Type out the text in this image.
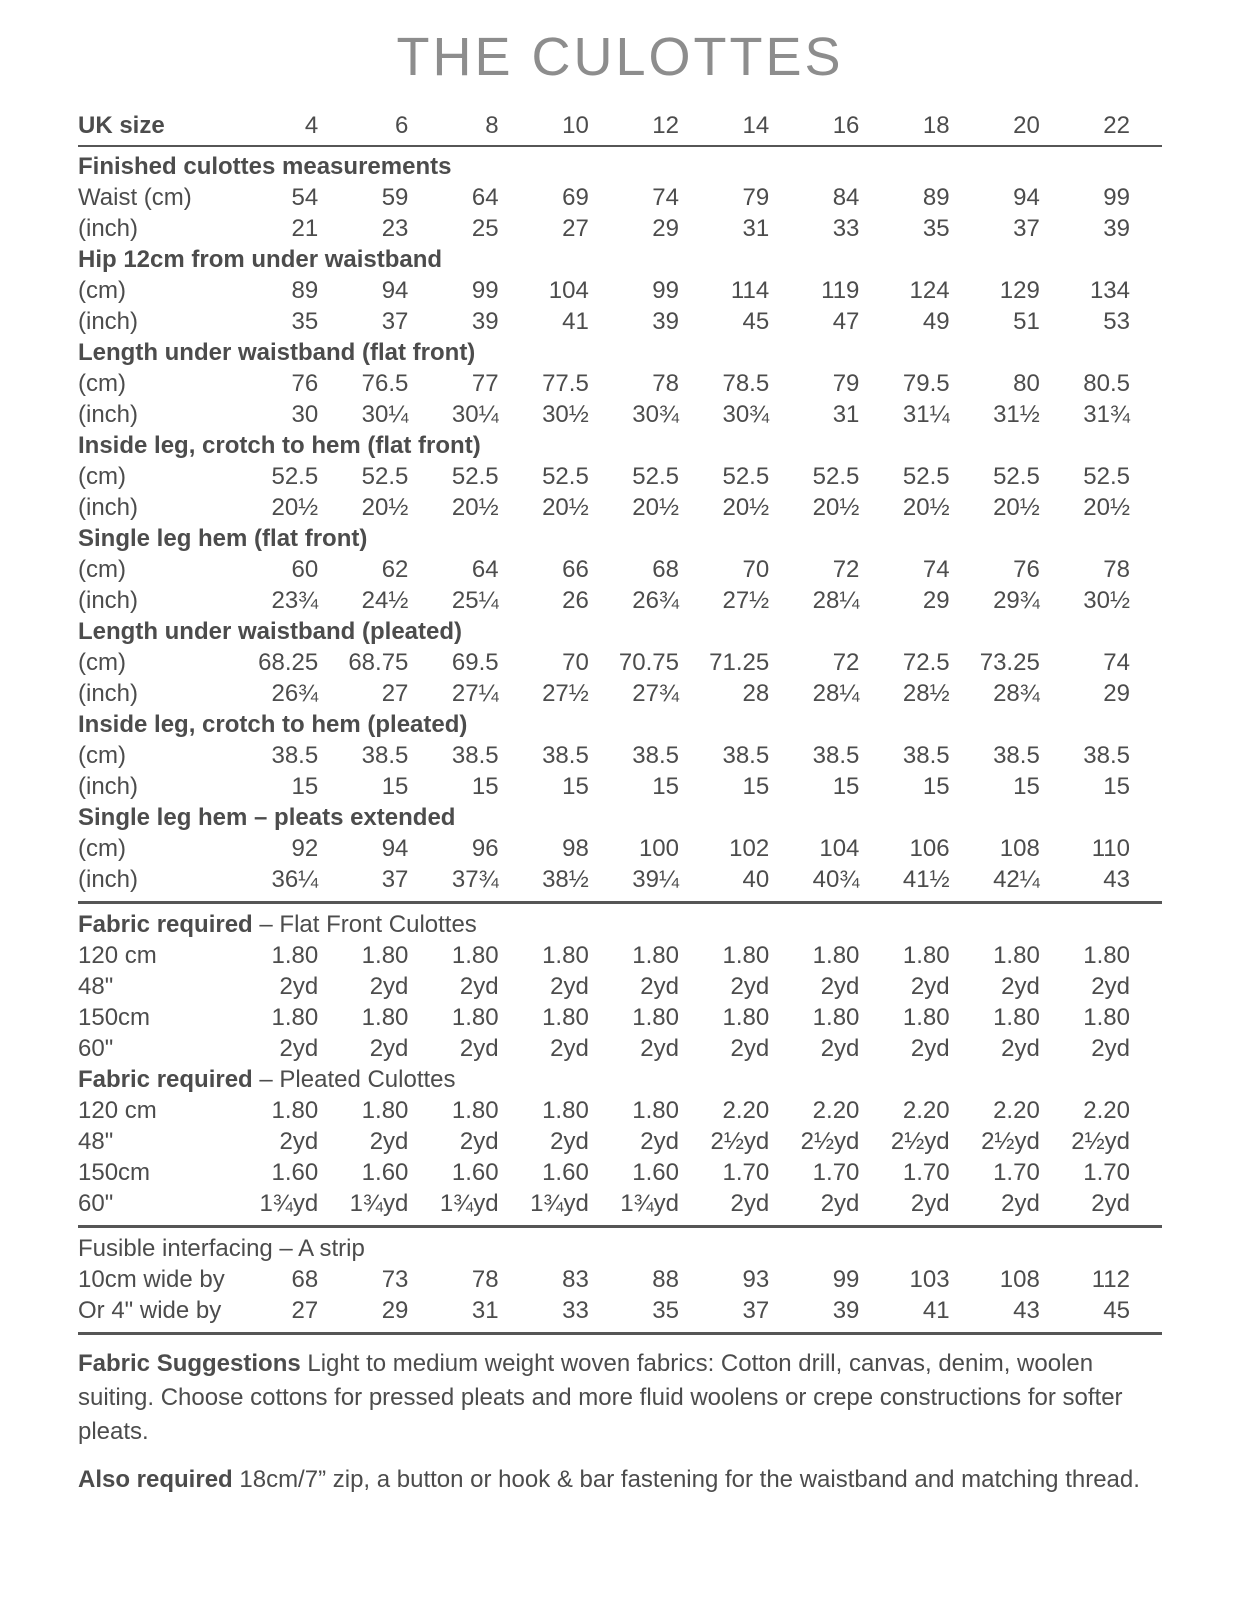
THE CULOTTES
UK size	4	6	8	10	12	14	16	18	20	22
Finished culottes measurements
Waist (cm)	54	59	64	69	74	79	84	89	94	99
(inch)	21	23	25	27	29	31	33	35	37	39
Hip 12cm from under waistband
(cm)	89	94	99	104	99	114	119	124	129	134
(inch)	35	37	39	41	39	45	47	49	51	53
Length under waistband (flat front)
(cm)	76	76.5	77	77.5	78	78.5	79	79.5	80	80.5
(inch)	30	30¼	30¼	30½	30¾	30¾	31	31¼	31½	31¾
Inside leg, crotch to hem (flat front)
(cm)	52.5	52.5	52.5	52.5	52.5	52.5	52.5	52.5	52.5	52.5
(inch)	20½	20½	20½	20½	20½	20½	20½	20½	20½	20½
Single leg hem (flat front)
(cm)	60	62	64	66	68	70	72	74	76	78
(inch)	23¾	24½	25¼	26	26¾	27½	28¼	29	29¾	30½
Length under waistband (pleated)
(cm)	68.25	68.75	69.5	70	70.75	71.25	72	72.5	73.25	74
(inch)	26¾	27	27¼	27½	27¾	28	28¼	28½	28¾	29
Inside leg, crotch to hem (pleated)
(cm)	38.5	38.5	38.5	38.5	38.5	38.5	38.5	38.5	38.5	38.5
(inch)	15	15	15	15	15	15	15	15	15	15
Single leg hem – pleats extended
(cm)	92	94	96	98	100	102	104	106	108	110
(inch)	36¼	37	37¾	38½	39¼	40	40¾	41½	42¼	43
Fabric required – Flat Front Culottes
120 cm	1.80	1.80	1.80	1.80	1.80	1.80	1.80	1.80	1.80	1.80
48"	2yd	2yd	2yd	2yd	2yd	2yd	2yd	2yd	2yd	2yd
150cm	1.80	1.80	1.80	1.80	1.80	1.80	1.80	1.80	1.80	1.80
60"	2yd	2yd	2yd	2yd	2yd	2yd	2yd	2yd	2yd	2yd
Fabric required – Pleated Culottes
120 cm	1.80	1.80	1.80	1.80	1.80	2.20	2.20	2.20	2.20	2.20
48"	2yd	2yd	2yd	2yd	2yd	2½yd	2½yd	2½yd	2½yd	2½yd
150cm	1.60	1.60	1.60	1.60	1.60	1.70	1.70	1.70	1.70	1.70
60"	1¾yd	1¾yd	1¾yd	1¾yd	1¾yd	2yd	2yd	2yd	2yd	2yd
Fusible interfacing – A strip
10cm wide by	68	73	78	83	88	93	99	103	108	112
Or 4" wide by	27	29	31	33	35	37	39	41	43	45

Fabric Suggestions Light to medium weight woven fabrics: Cotton drill, canvas, denim, woolen suiting. Choose cottons for pressed pleats and more fluid woolens or crepe constructions for softer pleats.

Also required 18cm/7” zip, a button or hook & bar fastening for the waistband and matching thread.
